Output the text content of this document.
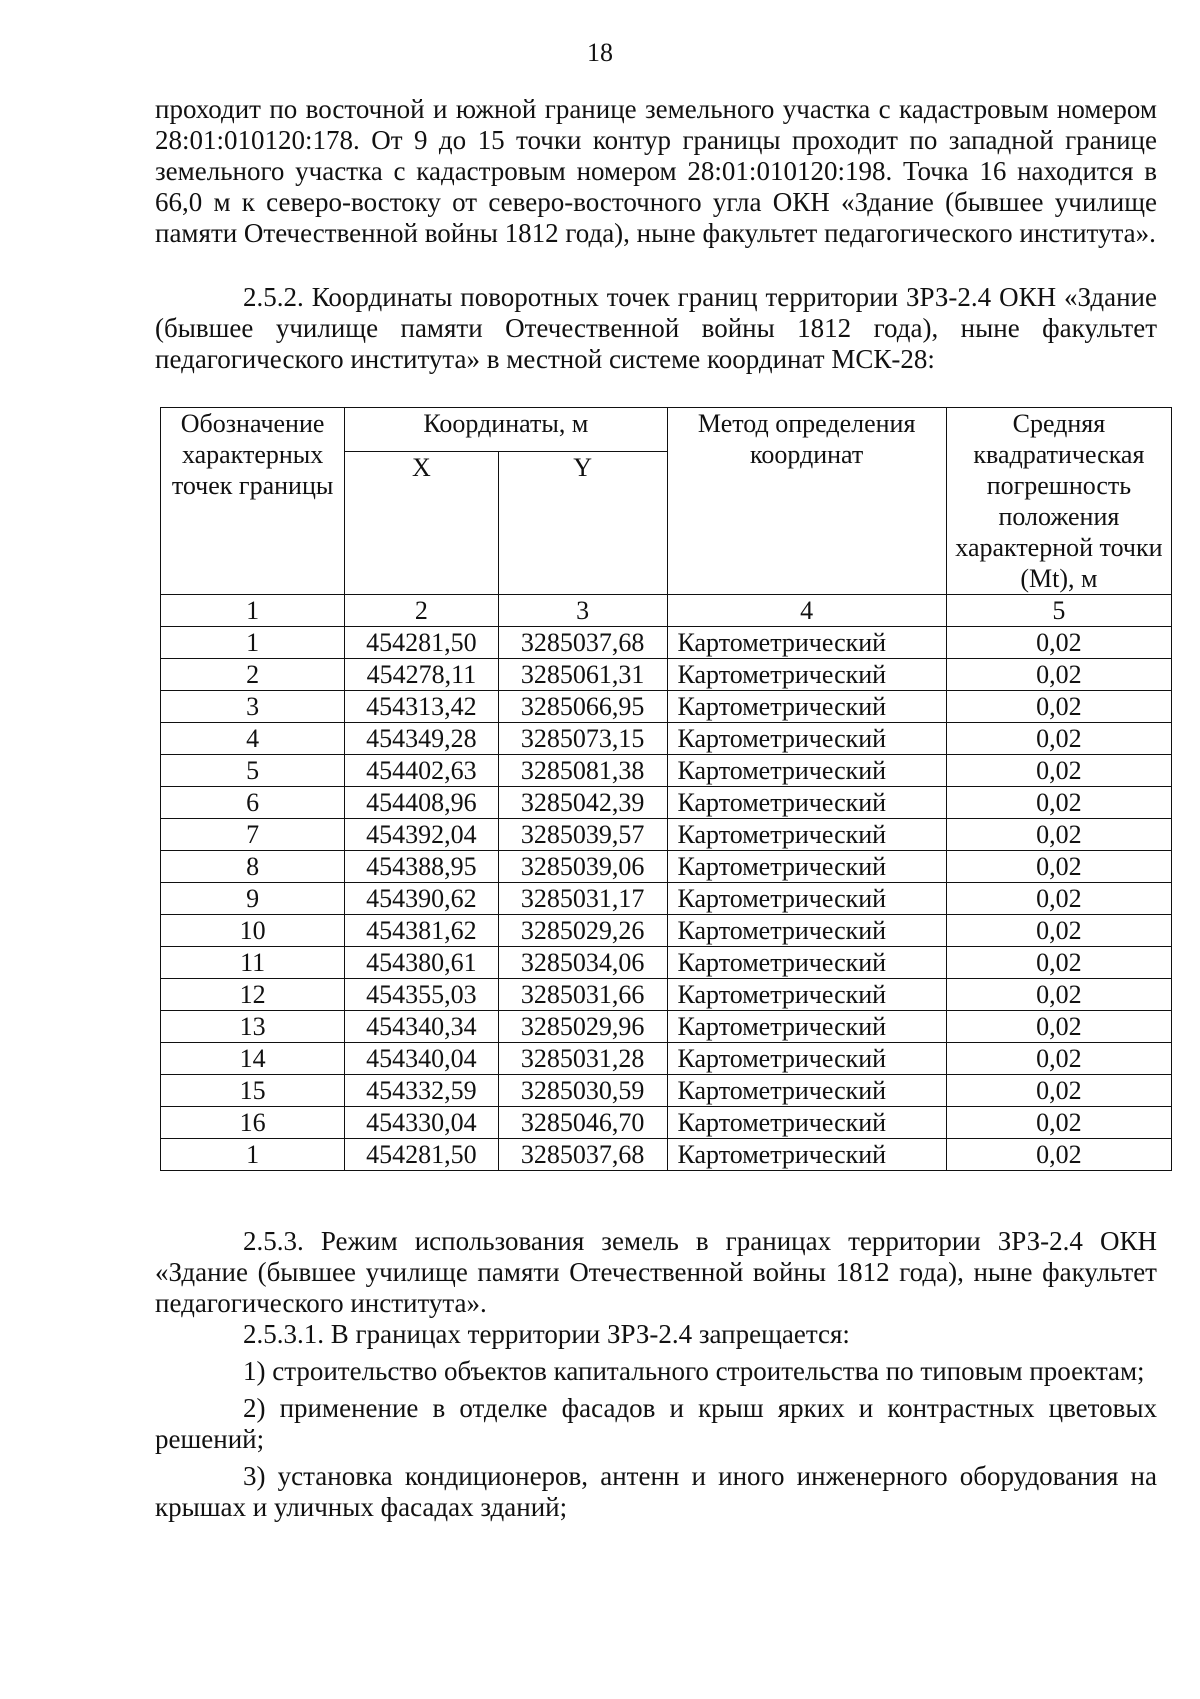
18

проходит по восточной и южной границе земельного участка с кадастровым номером 28:01:010120:178. От 9 до 15 точки контур границы проходит по западной границе земельного участка с кадастровым номером 28:01:010120:198. Точка 16 находится в 66,0 м к северо-востоку от северо-восточного угла ОКН «Здание (бывшее училище памяти Отечественной войны 1812 года), ныне факультет педагогического института».

2.5.2. Координаты поворотных точек границ территории ЗРЗ-2.4 ОКН «Здание (бывшее училище памяти Отечественной войны 1812 года), ныне факультет педагогического института» в местной системе координат МСК-28:

Обозначение характерных точек границы	Координаты, м		Метод определения координат	Средняя квадратическая погрешность положения характерной точки (Mt), м
	X	Y		
1	2	3	4	5
1	454281,50	3285037,68	Картометрический	0,02
2	454278,11	3285061,31	Картометрический	0,02
3	454313,42	3285066,95	Картометрический	0,02
4	454349,28	3285073,15	Картометрический	0,02
5	454402,63	3285081,38	Картометрический	0,02
6	454408,96	3285042,39	Картометрический	0,02
7	454392,04	3285039,57	Картометрический	0,02
8	454388,95	3285039,06	Картометрический	0,02
9	454390,62	3285031,17	Картометрический	0,02
10	454381,62	3285029,26	Картометрический	0,02
11	454380,61	3285034,06	Картометрический	0,02
12	454355,03	3285031,66	Картометрический	0,02
13	454340,34	3285029,96	Картометрический	0,02
14	454340,04	3285031,28	Картометрический	0,02
15	454332,59	3285030,59	Картометрический	0,02
16	454330,04	3285046,70	Картометрический	0,02
1	454281,50	3285037,68	Картометрический	0,02

2.5.3. Режим использования земель в границах территории ЗРЗ-2.4 ОКН «Здание (бывшее училище памяти Отечественной войны 1812 года), ныне факультет педагогического института».

2.5.3.1. В границах территории ЗРЗ-2.4 запрещается:

1) строительство объектов капитального строительства по типовым проектам;

2) применение в отделке фасадов и крыш ярких и контрастных цветовых решений;

3) установка кондиционеров, антенн и иного инженерного оборудования на крышах и уличных фасадах зданий;
